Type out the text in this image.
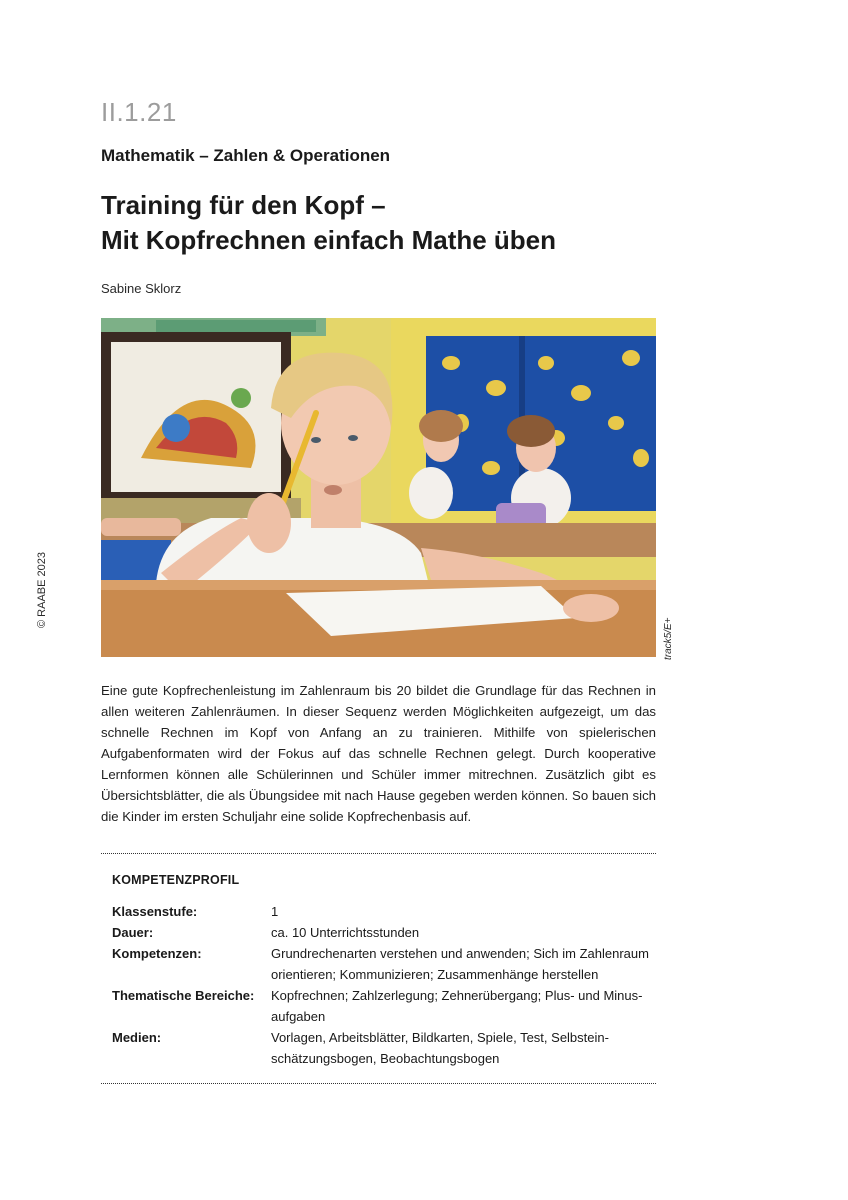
II.1.21
Mathematik – Zahlen & Operationen
Training für den Kopf –
Mit Kopfrechnen einfach Mathe üben
Sabine Sklorz
© RAABE 2023
track5/E+
Eine gute Kopfrechenleistung im Zahlenraum bis 20 bildet die Grundlage für das Rechnen in allen weiteren Zahlenräumen. In dieser Sequenz werden Möglichkeiten aufgezeigt, um das schnelle Rechnen im Kopf von Anfang an zu trainieren. Mithilfe von spielerischen Aufgabenformaten wird der Fokus auf das schnelle Rechnen gelegt. Durch kooperative Lernformen können alle Schülerinnen und Schüler immer mitrechnen. Zusätzlich gibt es Übersichtsblätter, die als Übungsidee mit nach Hause gegeben werden können. So bauen sich die Kinder im ersten Schuljahr eine solide Kopfrechenbasis auf.
KOMPETENZPROFIL
Klassenstufe:	1
Dauer:	ca. 10 Unterrichtsstunden
Kompetenzen:	Grundrechenarten verstehen und anwenden; Sich im Zahlenraum orientieren; Kommunizieren; Zusammenhänge herstellen
Thematische Bereiche:	Kopfrechnen; Zahlzerlegung; Zehnerübergang; Plus- und Minusaufgaben
Medien:	Vorlagen, Arbeitsblätter, Bildkarten, Spiele, Test, Selbsteinschätzungsbogen, Beobachtungsbogen
